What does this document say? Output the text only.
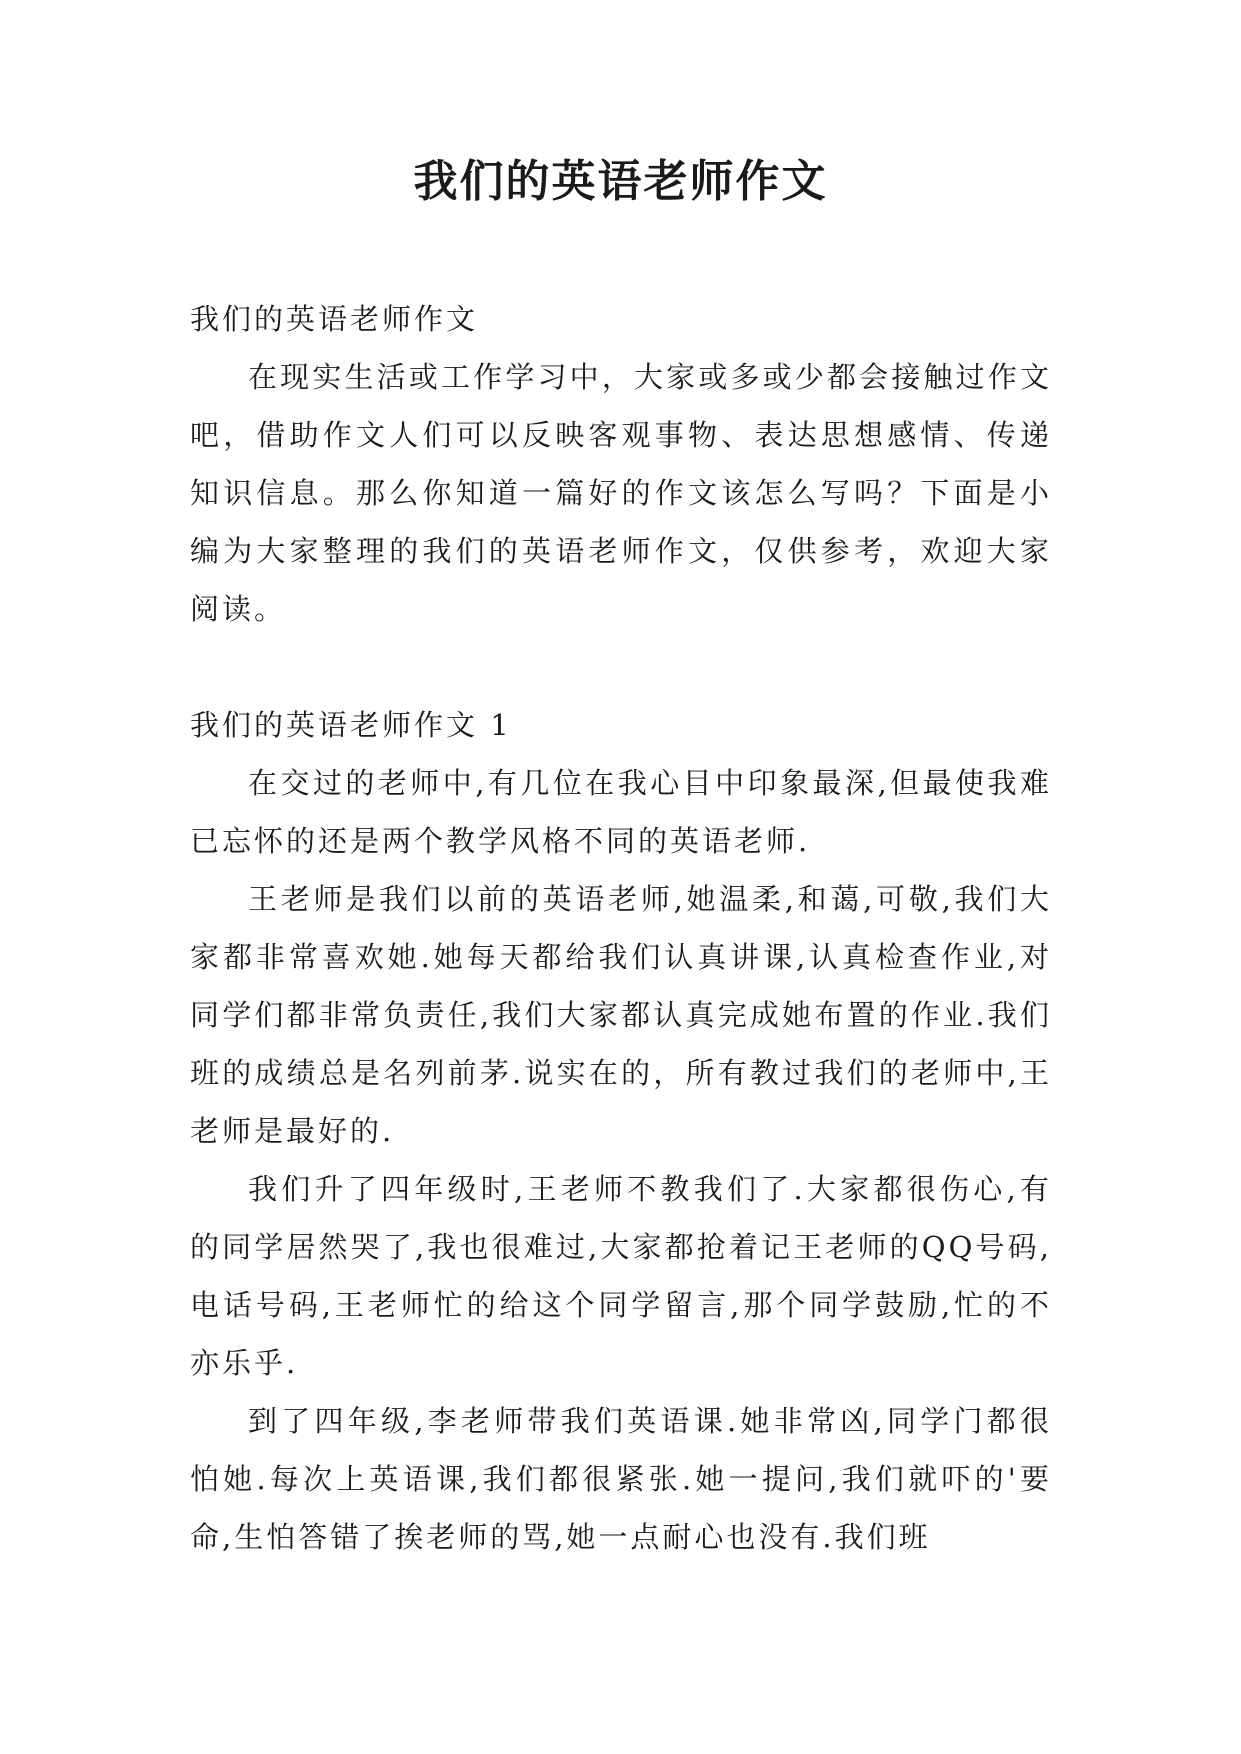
我们的英语老师作文

我们的英语老师作文

在现实生活或工作学习中，大家或多或少都会接触过作文吧，借助作文人们可以反映客观事物、表达思想感情、传递知识信息。那么你知道一篇好的作文该怎么写吗？下面是小编为大家整理的我们的英语老师作文，仅供参考，欢迎大家阅读。

我们的英语老师作文 1

在交过的老师中,有几位在我心目中印象最深,但最使我难已忘怀的还是两个教学风格不同的英语老师.

王老师是我们以前的英语老师,她温柔,和蔼,可敬,我们大家都非常喜欢她.她每天都给我们认真讲课,认真检查作业,对同学们都非常负责任,我们大家都认真完成她布置的作业.我们班的成绩总是名列前茅.说实在的，所有教过我们的老师中,王老师是最好的.

我们升了四年级时,王老师不教我们了.大家都很伤心,有的同学居然哭了,我也很难过,大家都抢着记王老师的QQ号码,电话号码,王老师忙的给这个同学留言,那个同学鼓励,忙的不亦乐乎.

到了四年级,李老师带我们英语课.她非常凶,同学门都很怕她.每次上英语课,我们都很紧张.她一提问,我们就吓的'要命,生怕答错了挨老师的骂,她一点耐心也没有.我们班
